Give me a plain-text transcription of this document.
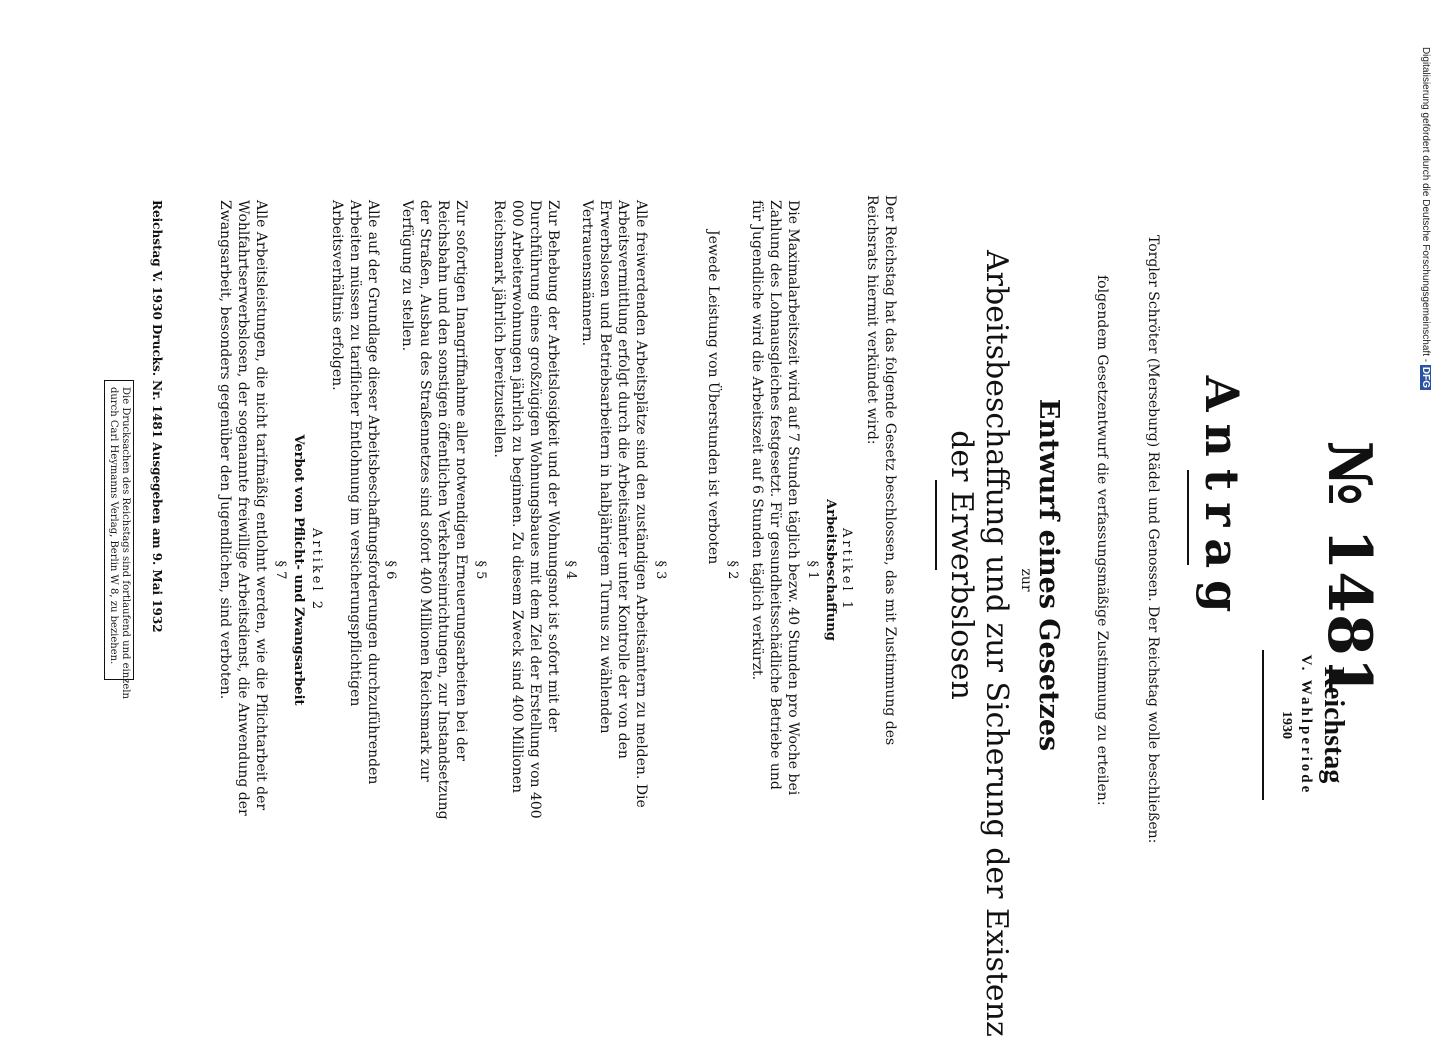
№ 1481
Reichstag
V. Wahlperiode
1930
Antrag
Torgler Schröter (Merseburg) Rädel und Genossen. Der Reichstag wolle beschließen:
folgendem Gesetzentwurf die verfassungsmäßige Zustimmung zu erteilen:
Entwurf eines Gesetzes
zur
Arbeitsbeschaffung und zur Sicherung der Existenz
der Erwerbslosen
Der Reichstag hat das folgende Gesetz beschlossen, das mit Zustimmung des Reichsrats hiermit verkündet wird:
Artikel 1
Arbeitsbeschaffung
§ 1
Die Maximalarbeitszeit wird auf 7 Stunden täglich bezw. 40 Stunden pro Woche bei Zahlung des Lohnausgleiches festgesetzt. Für gesundheitsschädliche Betriebe und für Jugendliche wird die Arbeitszeit auf 6 Stunden täglich verkürzt.
§ 2
Jewede Leistung von Überstunden ist verboten
§ 3
Alle freiwerdenden Arbeitsplätze sind den zuständigen Arbeitsämtern zu melden. Die Arbeitsvermittlung erfolgt durch die Arbeitsämter unter Kontrolle der von den Erwerbslosen und Betriebsarbeitern in halbjährigem Turnus zu wählenden Vertrauensmännern.
§ 4
Zur Behebung der Arbeitslosigkeit und der Wohnungsnot ist sofort mit der Durchführung eines großzügigen Wohnungsbaues mit dem Ziel der Erstellung von 400 000 Arbeiterwohnungen jährlich zu beginnen. Zu diesem Zweck sind 400 Millionen Reichsmark jährlich bereitzustellen.
§ 5
Zur sofortigen Inangriffnahme aller notwendigen Erneuerungsarbeiten bei der Reichsbahn und den sonstigen öffentlichen Verkehrseinrichtungen, zur Instandsetzung der Straßen, Ausbau des Straßennetzes sind sofort 400 Millionen Reichsmark zur Verfügung zu stellen.
§ 6
Alle auf der Grundlage dieser Arbeitsbeschaffungsforderungen durchzuführenden Arbeiten müssen zu tariflicher Entlohnung im versicherungspflichtigen Arbeitsverhältnis erfolgen.
Artikel 2
Verbot von Pflicht- und Zwangsarbeit
§ 7
Alle Arbeitsleistungen, die nicht tarifmäßig entlohnt werden, wie die Pflichtarbeit der Wohlfahrtserwerbslosen, der sogenannte freiwillige Arbeitsdienst, die Anwendung der Zwangsarbeit, besonders gegenüber den Jugendlichen, sind verboten.
Reichstag V. 1930 Drucks. Nr. 1481 Ausgegeben am 9. Mai 1932
Die Drucksachen des Reichstags sind fortlaufend und einzeln
durch Carl Heymanns Verlag, Berlin W 8, zu beziehen.
Digitalisierung gefördert durch die Deutsche Forschungsgemeinschaft - DFG
